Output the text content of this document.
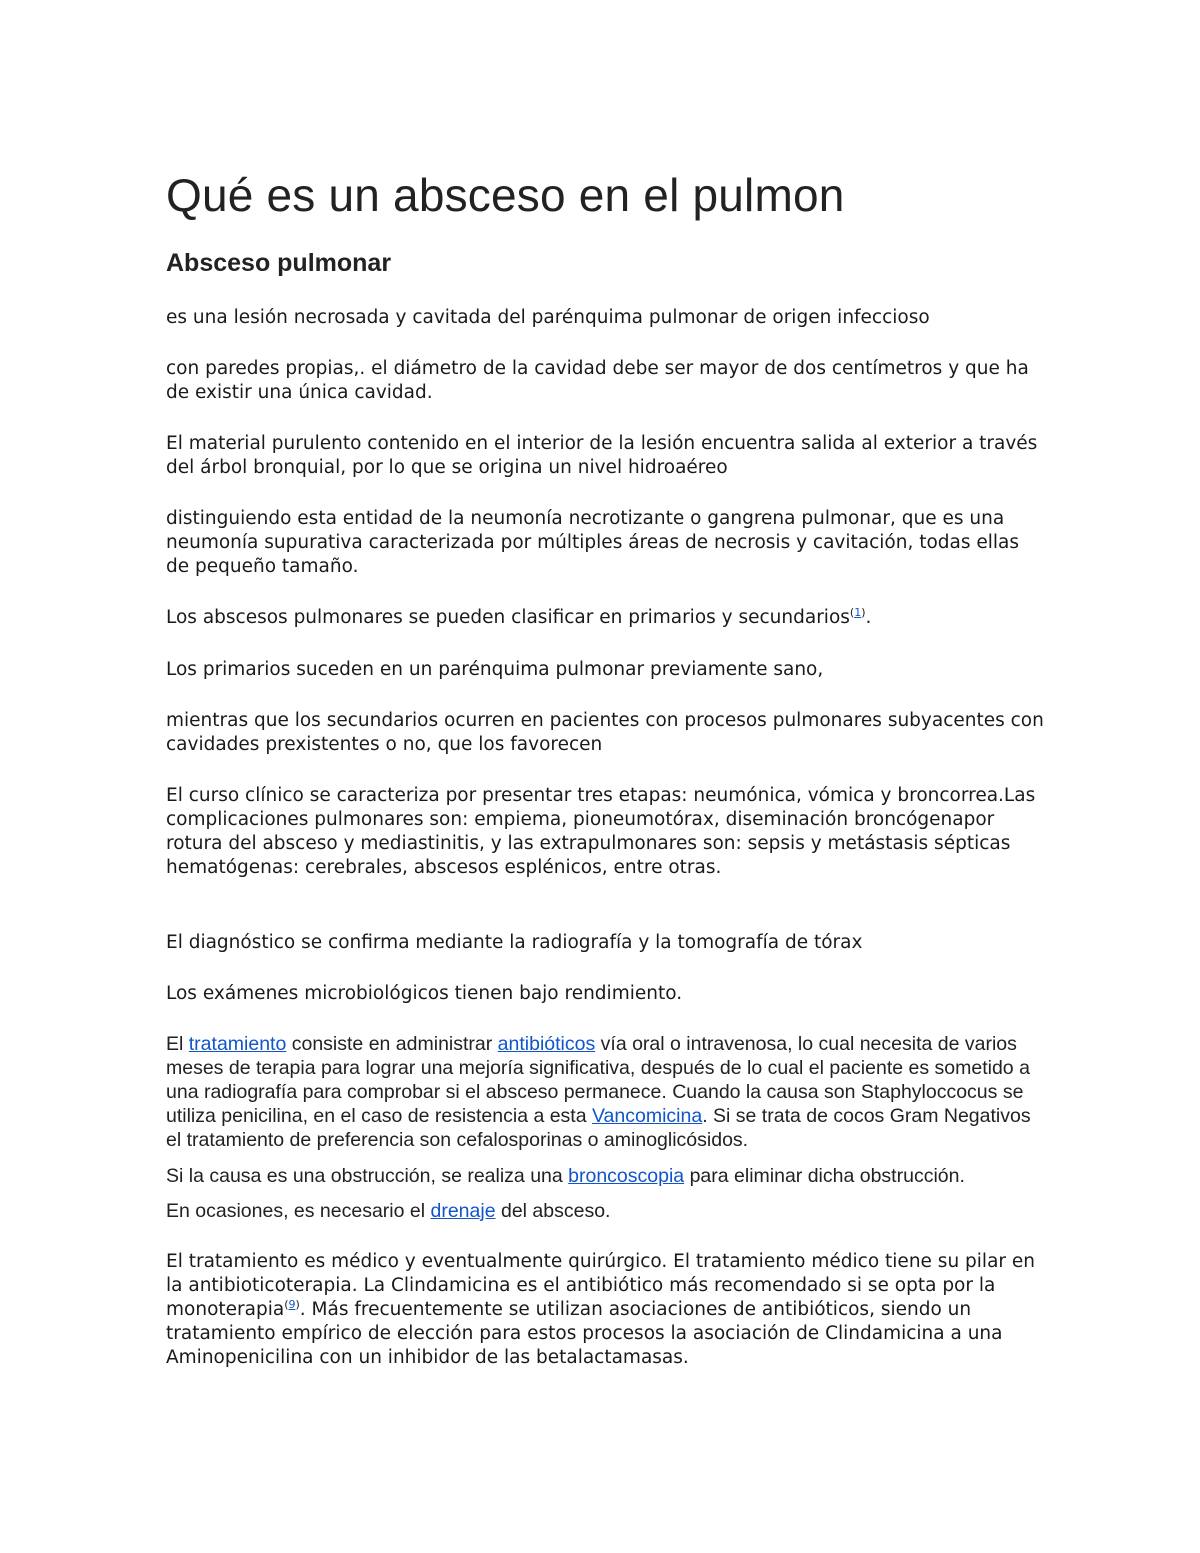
Qué es un absceso en el pulmon
Absceso pulmonar

es una lesión necrosada y cavitada del parénquima pulmonar de origen infeccioso

con paredes propias,. el diámetro de la cavidad debe ser mayor de dos centímetros y que ha de existir una única cavidad.

El material purulento contenido en el interior de la lesión encuentra salida al exterior a través del árbol bronquial, por lo que se origina un nivel hidroaéreo

distinguiendo esta entidad de la neumonía necrotizante o gangrena pulmonar, que es una neumonía supurativa caracterizada por múltiples áreas de necrosis y cavitación, todas ellas de pequeño tamaño.

Los abscesos pulmonares se pueden clasificar en primarios y secundarios$^{(1)}$.

Los primarios suceden en un parénquima pulmonar previamente sano,

mientras que los secundarios ocurren en pacientes con procesos pulmonares subyacentes con cavidades prexistentes o no, que los favorecen

El curso clínico se caracteriza por presentar tres etapas: neumónica, vómica y broncorrea.Las complicaciones pulmonares son: empiema, pioneumotórax, diseminación broncógenapor rotura del absceso y mediastinitis, y las extrapulmonares son: sepsis y metástasis sépticas hematógenas: cerebrales, abscesos esplénicos, entre otras.

El diagnóstico se confirma mediante la radiografía y la tomografía de tórax

Los exámenes microbiológicos tienen bajo rendimiento.

El tratamiento consiste en administrar antibióticos vía oral o intravenosa, lo cual necesita de varios meses de terapia para lograr una mejoría significativa, después de lo cual el paciente es sometido a una radiografía para comprobar si el absceso permanece. Cuando la causa son Staphyloccocus se utiliza penicilina, en el caso de resistencia a esta Vancomicina. Si se trata de cocos Gram Negativos el tratamiento de preferencia son cefalosporinas o aminoglicósidos.

Si la causa es una obstrucción, se realiza una broncoscopia para eliminar dicha obstrucción.

En ocasiones, es necesario el drenaje del absceso.

El tratamiento es médico y eventualmente quirúrgico. El tratamiento médico tiene su pilar en la antibioticoterapia. La Clindamicina es el antibiótico más recomendado si se opta por la monoterapia$^{(9)}$. Más frecuentemente se utilizan asociaciones de antibióticos, siendo un tratamiento empírico de elección para estos procesos la asociación de Clindamicina a una Aminopenicilina con un inhibidor de las betalactamasas.
